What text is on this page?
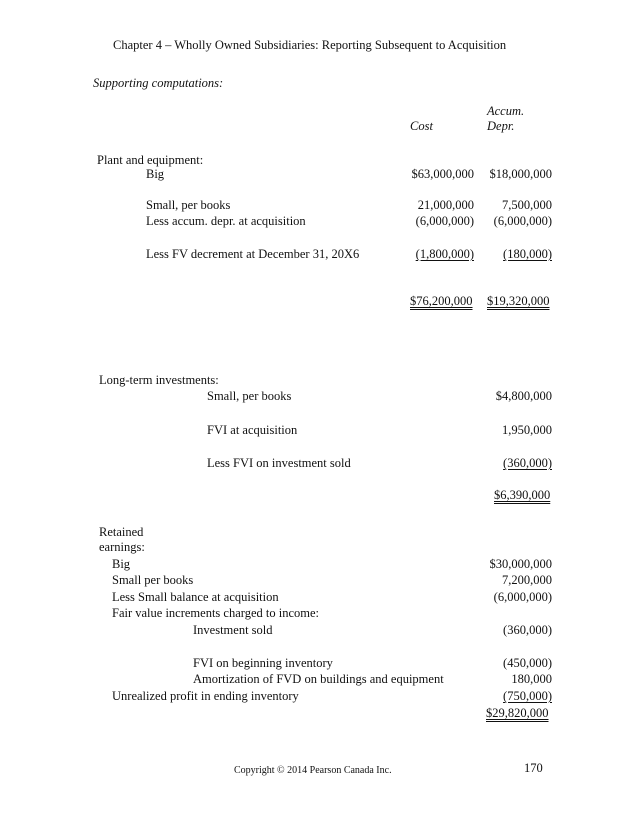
Chapter 4 – Wholly Owned Subsidiaries: Reporting Subsequent to Acquisition
Supporting computations:
Accum.
Cost	Depr.
Plant and equipment:
Big	$63,000,000 $18,000,000
Small, per books	21,000,000 7,500,000
Less accum. depr. at acquisition	(6,000,000) (6,000,000)
Less FV decrement at December 31, 20X6	(1,800,000) (180,000)
$76,200,000 $19,320,000
Long-term investments:
Small, per books	$4,800,000
FVI at acquisition	1,950,000
Less FVI on investment sold	(360,000)
$6,390,000
Retained
earnings:
Big	$30,000,000
Small per books	7,200,000
Less Small balance at acquisition	(6,000,000)
Fair value increments charged to income:
Investment sold	(360,000)
FVI on beginning inventory	(450,000)
Amortization of FVD on buildings and equipment	180,000
Unrealized profit in ending inventory	(750,000)
$29,820,000
Copyright © 2014 Pearson Canada Inc.	170
